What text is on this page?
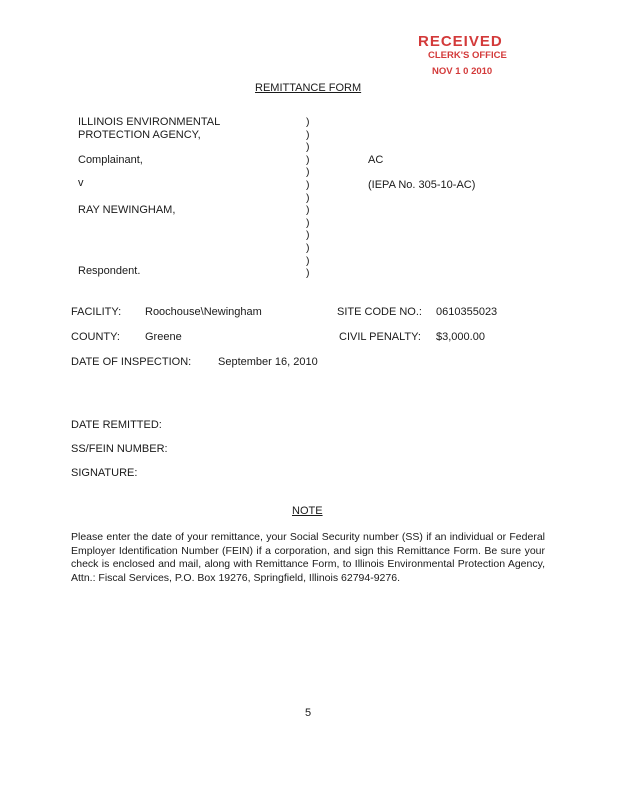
RECEIVED
CLERK'S OFFICE
NOV 1 0 2010
REMITTANCE FORM
ILLINOIS ENVIRONMENTAL
PROTECTION AGENCY,
Complainant,
v
RAY NEWINGHAM,
Respondent.
)
)
)
)
)
)
)
)
)
)
)
)
)
AC
(IEPA No. 305-10-AC)
FACILITY: Roochouse\Newingham	SITE CODE NO.: 0610355023
COUNTY: Greene	CIVIL PENALTY: $3,000.00
DATE OF INSPECTION: September 16, 2010
DATE REMITTED:
SS/FEIN NUMBER:
SIGNATURE:
NOTE
Please enter the date of your remittance, your Social Security number (SS) if an individual or Federal Employer Identification Number (FEIN) if a corporation, and sign this Remittance Form. Be sure your check is enclosed and mail, along with Remittance Form, to Illinois Environmental Protection Agency, Attn.: Fiscal Services, P.O. Box 19276, Springfield, Illinois 62794-9276.
5
